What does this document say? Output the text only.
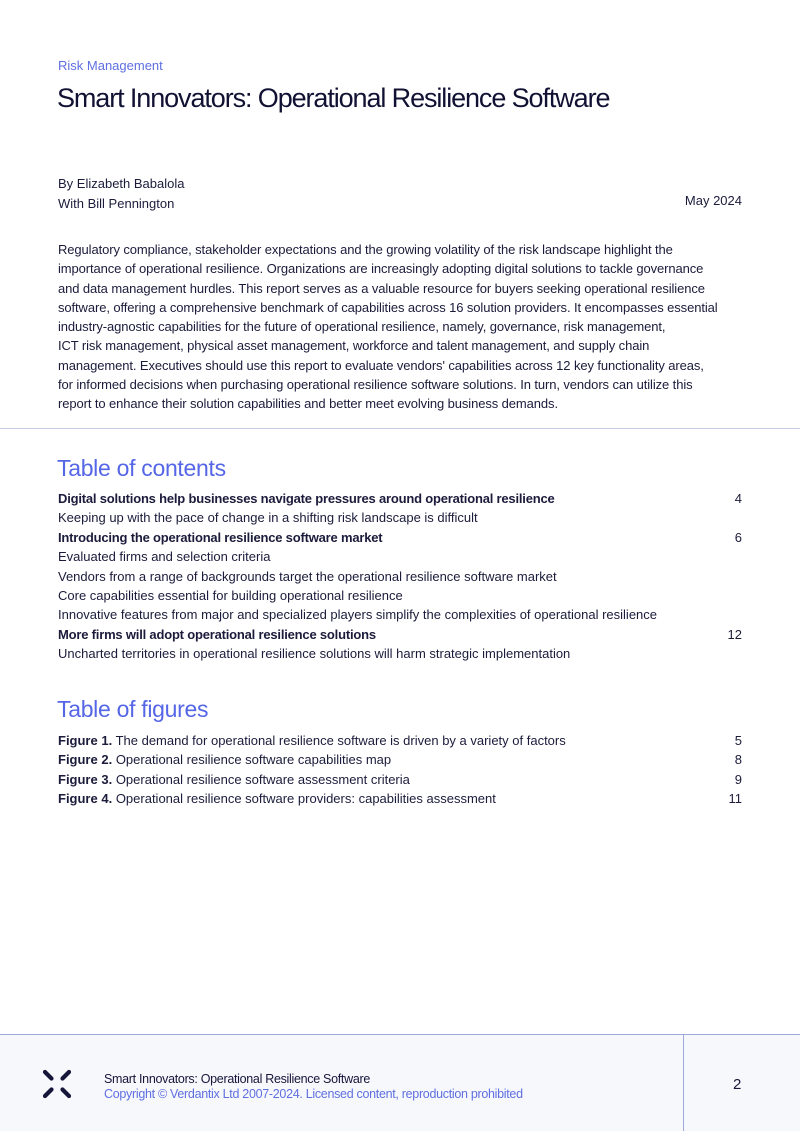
Risk Management
Smart Innovators: Operational Resilience Software
By Elizabeth Babalola
With Bill Pennington	May 2024
Regulatory compliance, stakeholder expectations and the growing volatility of the risk landscape highlight the
importance of operational resilience. Organizations are increasingly adopting digital solutions to tackle governance
and data management hurdles. This report serves as a valuable resource for buyers seeking operational resilience
software, offering a comprehensive benchmark of capabilities across 16 solution providers. It encompasses essential
industry-agnostic capabilities for the future of operational resilience, namely, governance, risk management,
ICT risk management, physical asset management, workforce and talent management, and supply chain
management. Executives should use this report to evaluate vendors' capabilities across 12 key functionality areas,
for informed decisions when purchasing operational resilience software solutions. In turn, vendors can utilize this
report to enhance their solution capabilities and better meet evolving business demands.
Table of contents
Digital solutions help businesses navigate pressures around operational resilience	4
Keeping up with the pace of change in a shifting risk landscape is difficult
Introducing the operational resilience software market	6
Evaluated firms and selection criteria
Vendors from a range of backgrounds target the operational resilience software market
Core capabilities essential for building operational resilience
Innovative features from major and specialized players simplify the complexities of operational resilience
More firms will adopt operational resilience solutions	12
Uncharted territories in operational resilience solutions will harm strategic implementation
Table of figures
Figure 1. The demand for operational resilience software is driven by a variety of factors	5
Figure 2. Operational resilience software capabilities map	8
Figure 3. Operational resilience software assessment criteria	9
Figure 4. Operational resilience software providers: capabilities assessment	11
Smart Innovators: Operational Resilience Software
Copyright © Verdantix Ltd 2007-2024. Licensed content, reproduction prohibited
2
